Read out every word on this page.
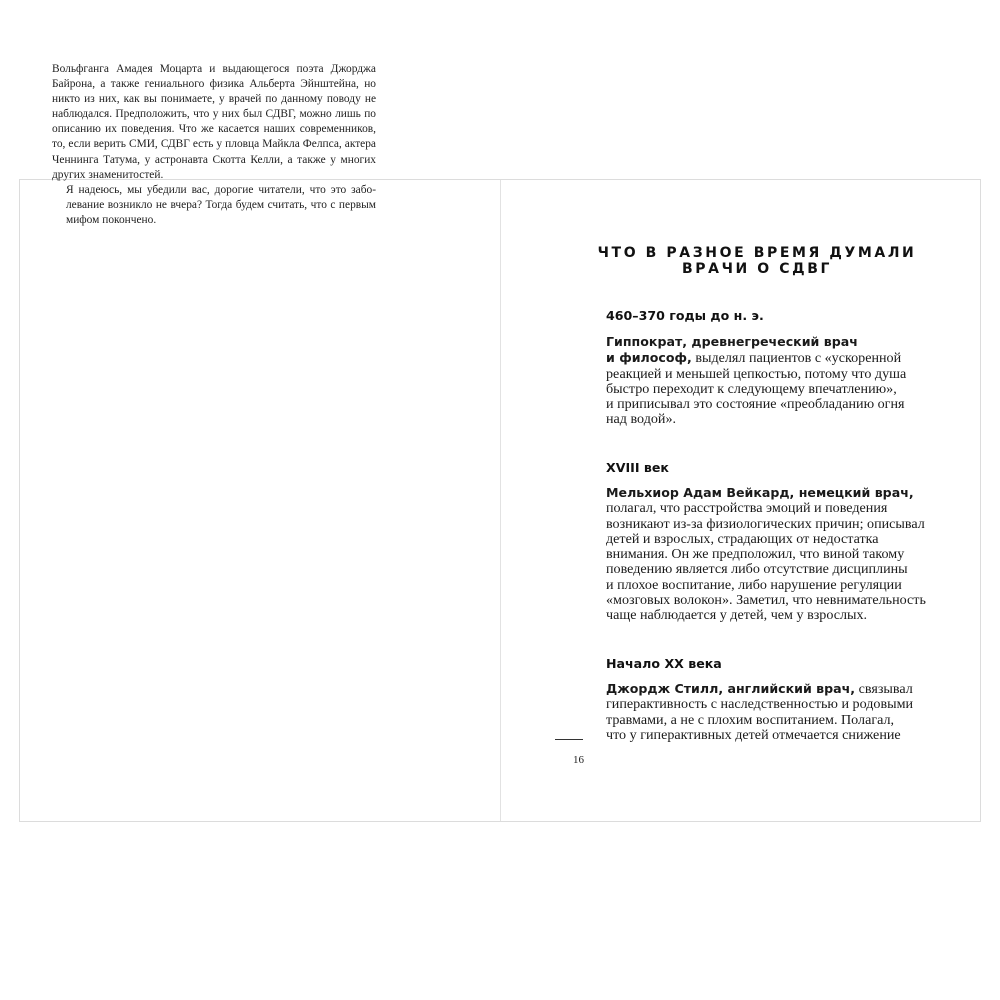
Вольфганга Амадея Моцарта и выдающегося поэта Джорджа
Байрона, а также гениального физика Альберта Эйнштейна, но
никто из них, как вы понимаете, у врачей по данному поводу не
наблюдался. Предположить, что у них был СДВГ, можно лишь по
описанию их поведения. Что же касается наших современников,
то, если верить СМИ, СДВГ есть у пловца Майкла Фелпса, актера
Ченнинга Татума, у астронавта Скотта Келли, а также у многих
других знаменитостей.

Я надеюсь, мы убедили вас, дорогие читатели, что это забо-
левание возникло не вчера? Тогда будем считать, что с первым
мифом покончено.

ЧТО В РАЗНОЕ ВРЕМЯ ДУМАЛИ
ВРАЧИ О СДВГ
460–370 годы до н. э.
Гиппократ, древнегреческий врач
и философ, выделял пациентов с «ускоренной
реакцией и меньшей цепкостью, потому что душа
быстро переходит к следующему впечатлению»,
и приписывал это состояние «преобладанию огня
над водой».
XVIII век
Мельхиор Адам Вейкард, немецкий врач,
полагал, что расстройства эмоций и поведения
возникают из-за физиологических причин; описывал
детей и взрослых, страдающих от недостатка
внимания. Он же предположил, что виной такому
поведению является либо отсутствие дисциплины
и плохое воспитание, либо нарушение регуляции
«мозговых волокон». Заметил, что невнимательность
чаще наблюдается у детей, чем у взрослых.
Начало XX века
Джордж Стилл, английский врач, связывал
гиперактивность с наследственностью и родовыми
травмами, а не с плохим воспитанием. Полагал,
что у гиперактивных детей отмечается снижение
16
